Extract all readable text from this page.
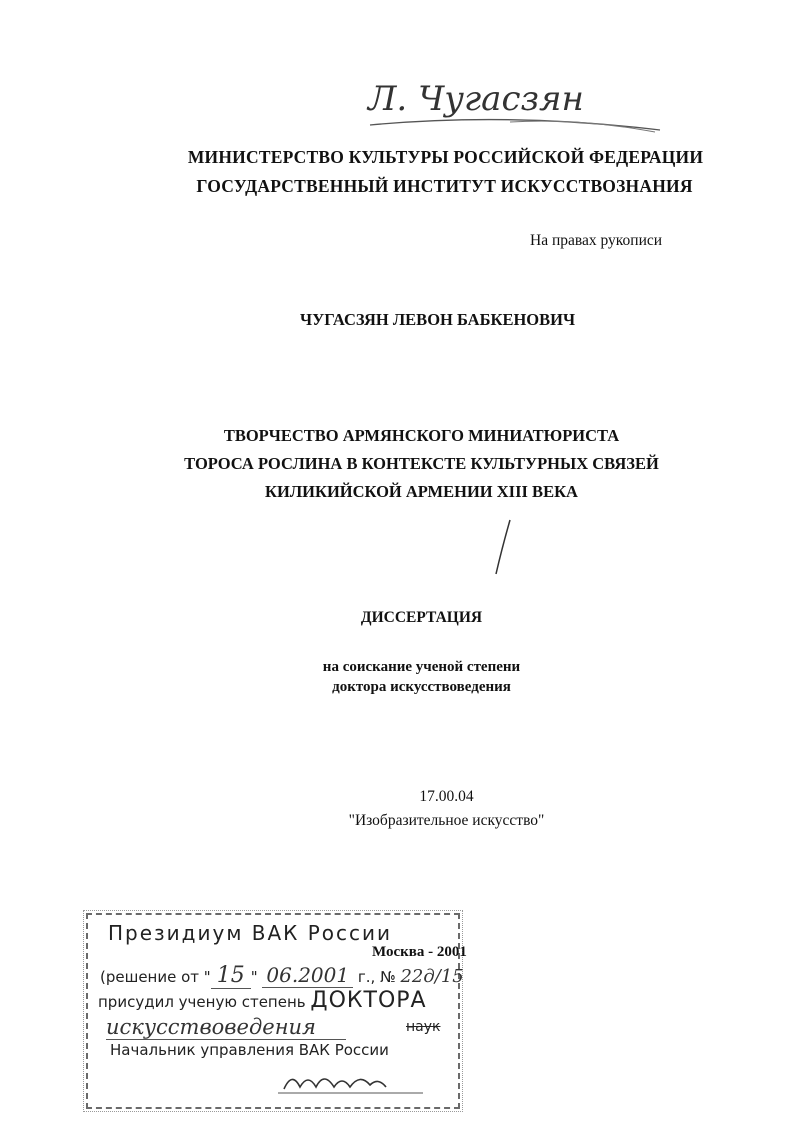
Л. Чугасзян
МИНИСТЕРСТВО КУЛЬТУРЫ РОССИЙСКОЙ ФЕДЕРАЦИИ
ГОСУДАРСТВЕННЫЙ ИНСТИТУТ ИСКУССТВОЗНАНИЯ
На правах рукописи
ЧУГАСЗЯН ЛЕВОН БАБКЕНОВИЧ
ТВОРЧЕСТВО АРМЯНСКОГО МИНИАТЮРИСТА
ТОРОСА РОСЛИНА В КОНТЕКСТЕ КУЛЬТУРНЫХ СВЯЗЕЙ
КИЛИКИЙСКОЙ АРМЕНИИ XIII ВЕКА
ДИССЕРТАЦИЯ
на соискание ученой степени
доктора искусствоведения
17.00.04
"Изобразительное искусство"
Президиум ВАК России
(решение от " 15 " 06.2001 г., № 22д/15
присудил ученую степень ДОКТОРА
искусствоведения	наук
Начальник управления ВАК России
Москва - 2001
